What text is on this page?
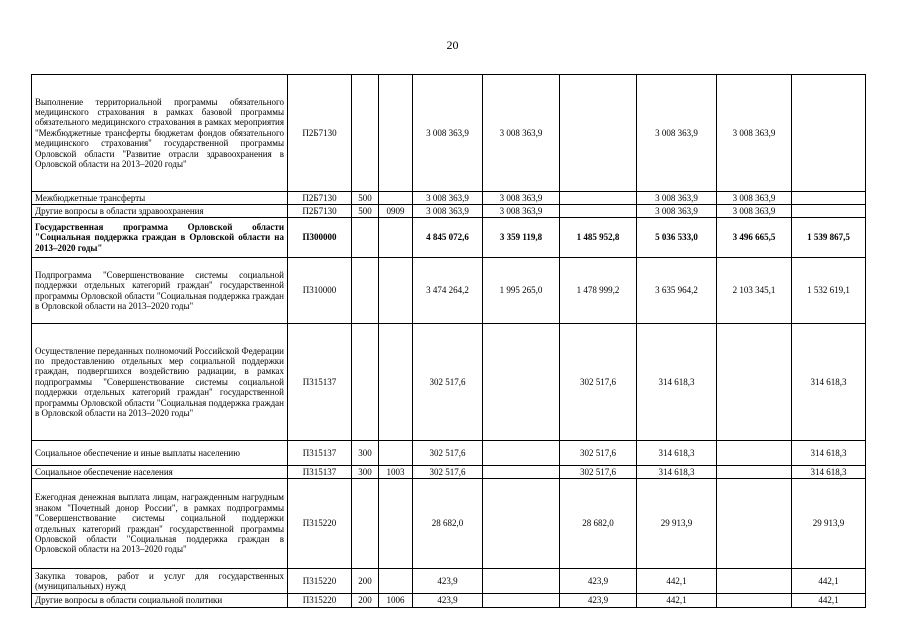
20
Выполнение территориальной программы обязательного медицинского страхования в рамках базовой программы обязательного медицинского страхования в рамках мероприятия "Межбюджетные трансферты бюджетам фондов обязательного медицинского страхования" государственной программы Орловской области "Развитие отрасли здравоохранения в Орловской области на 2013–2020 годы"	П2Б7130			3 008 363,9	3 008 363,9		3 008 363,9	3 008 363,9	
Межбюджетные трансферты	П2Б7130	500		3 008 363,9	3 008 363,9		3 008 363,9	3 008 363,9	
Другие вопросы в области здравоохранения	П2Б7130	500	0909	3 008 363,9	3 008 363,9		3 008 363,9	3 008 363,9	
Государственная программа Орловской области "Социальная поддержка граждан в Орловской области на 2013–2020 годы"	П300000			4 845 072,6	3 359 119,8	1 485 952,8	5 036 533,0	3 496 665,5	1 539 867,5
Подпрограмма "Совершенствование системы социальной поддержки отдельных категорий граждан" государственной программы Орловской области "Социальная поддержка граждан в Орловской области на 2013–2020 годы"	П310000			3 474 264,2	1 995 265,0	1 478 999,2	3 635 964,2	2 103 345,1	1 532 619,1
Осуществление переданных полномочий Российской Федерации по предоставлению отдельных мер социальной поддержки граждан, подвергшихся воздействию радиации, в рамках подпрограммы "Совершенствование системы социальной поддержки отдельных категорий граждан" государственной программы Орловской области "Социальная поддержка граждан в Орловской области на 2013–2020 годы"	П315137			302 517,6		302 517,6	314 618,3		314 618,3
Социальное обеспечение и иные выплаты населению	П315137	300		302 517,6		302 517,6	314 618,3		314 618,3
Социальное обеспечение населения	П315137	300	1003	302 517,6		302 517,6	314 618,3		314 618,3
Ежегодная денежная выплата лицам, награжденным нагрудным знаком "Почетный донор России", в рамках подпрограммы "Совершенствование системы социальной поддержки отдельных категорий граждан" государственной программы Орловской области "Социальная поддержка граждан в Орловской области на 2013–2020 годы"	П315220			28 682,0		28 682,0	29 913,9		29 913,9
Закупка товаров, работ и услуг для государственных (муниципальных) нужд	П315220	200		423,9		423,9	442,1		442,1
Другие вопросы в области социальной политики	П315220	200	1006	423,9		423,9	442,1		442,1
